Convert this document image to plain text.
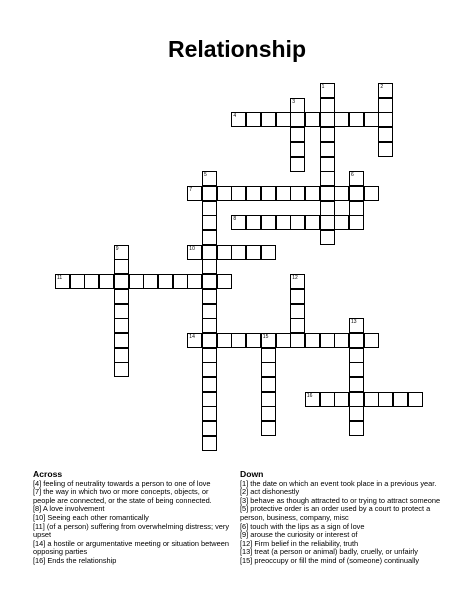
Relationship
4
7
8
10
11
14	15
16
1	2
3
5	6
9
12
13
Across

[4] feeling of neutrality towards a person to one of love

[7] the way in which two or more concepts, objects, or people are connected, or the state of being connected.

[8] A love involvement

[10] Seeing each other romantically

[11] (of a person) suffering from overwhelming distress; very upset

[14] a hostile or argumentative meeting or situation between opposing parties

[16] Ends the relationship

Down

[1] the date on which an event took place in a previous year.

[2] act dishonestly

[3] behave as though attracted to or trying to attract someone

[5] protective order is an order used by a court to protect a person, business, company, misc

[6] touch with the lips as a sign of love

[9] arouse the curiosity or interest of

[12] Firm belief in the reliability, truth

[13] treat (a person or animal) badly, cruelly, or unfairly

[15] preoccupy or fill the mind of (someone) continually
